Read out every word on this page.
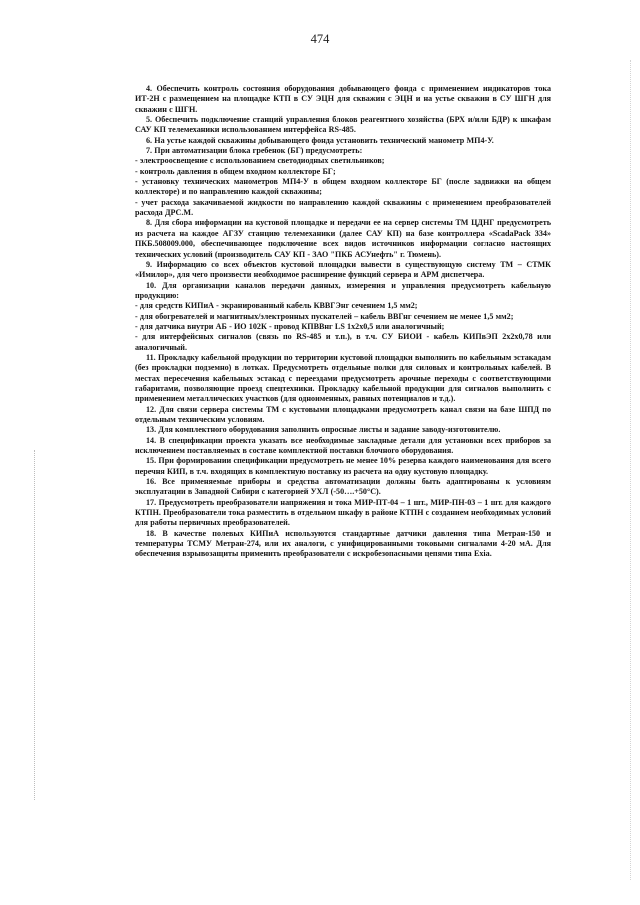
474

4. Обеспечить контроль состояния оборудования добывающего фонда с применением индикаторов тока ИТ-2Н с размещением на площадке КТП в СУ ЭЦН для скважин с ЭЦН и на устье скважин в СУ ШГН для скважин с ШГН.

5. Обеспечить подключение станций управления блоков реагентного хозяйства (БРХ и/или БДР) к шкафам САУ КП телемеханики использованием интерфейса RS-485.

6. На устье каждой скважины добывающего фонда установить технический манометр МП4-У.

7. При автоматизации блока гребенок (БГ) предусмотреть:

- электроосвещение с использованием светодиодных светильников;

- контроль давления в общем входном коллекторе БГ;

- установку технических манометров МП4-У в общем входном коллекторе БГ (после задвижки на общем коллекторе) и по направлению каждой скважины;

- учет расхода закачиваемой жидкости по направлению каждой скважины с применением преобразователей расхода ДРС.М.

8. Для сбора информации на кустовой площадке и передачи ее на сервер системы ТМ ЦДНГ предусмотреть из расчета на каждое АГЗУ станцию телемеханики (далее САУ КП) на базе контроллера «ScadaPack 334» ПКБ.508009.000, обеспечивающее подключение всех видов источников информации согласно настоящих технических условий (производитель САУ КП - ЗАО "ПКБ АСУнефть" г. Тюмень).

9. Информацию со всех объектов кустовой площадки вывести в существующую систему ТМ – СТМК «Имилор», для чего произвести необходимое расширение функций сервера и АРМ диспетчера.

10. Для организации каналов передачи данных, измерения и управления предусмотреть кабельную продукцию:

- для средств КИПиА - экранированный кабель КВВГЭнг сечением 1,5 мм2;

- для обогревателей и магнитных/электронных пускателей – кабель ВВГнг сечением не менее 1,5 мм2;

- для датчика внутри АБ - ИО 102К - провод КПВВнг LS 1х2х0,5 или аналогичный;

- для интерфейсных сигналов (связь по RS-485 и т.п.), в т.ч. СУ БИОИ - кабель КИПвЭП 2х2х0,78 или аналогичный.

11. Прокладку кабельной продукции по территории кустовой площадки выполнить по кабельным эстакадам (без прокладки подземно) в лотках. Предусмотреть отдельные полки для силовых и контрольных кабелей. В местах пересечения кабельных эстакад с переездами предусмотреть арочные переходы с соответствующими габаритами, позволяющие проезд спецтехники. Прокладку кабельной продукции для сигналов выполнить с применением металлических участков (для одноименных, равных потенциалов и т.д.).

12. Для связи сервера системы ТМ с кустовыми площадками предусмотреть канал связи на базе ШПД по отдельным техническим условиям.

13. Для комплектного оборудования заполнить опросные листы и задание заводу-изготовителю.

14. В спецификации проекта указать все необходимые закладные детали для установки всех приборов за исключением поставляемых в составе комплектной поставки блочного оборудования.

15. При формировании спецификации предусмотреть не менее 10% резерва каждого наименования для всего перечня КИП, в т.ч. входящих в комплектную поставку из расчета на одну кустовую площадку.

16. Все применяемые приборы и средства автоматизации должны быть адаптированы к условиям эксплуатации в Западной Сибири с категорией УХЛ (-50….+50°С).

17. Предусмотреть преобразователи напряжения и тока МИР-ПТ-04 – 1 шт., МИР-ПН-03 – 1 шт. для каждого КТПН. Преобразователи тока разместить в отдельном шкафу в районе КТПН с созданием необходимых условий для работы первичных преобразователей.

18. В качестве полевых КИПиА используются стандартные датчики давления типа Метран-150 и температуры ТСМУ Метран-274, или их аналоги, с унифицированными токовыми сигналами 4-20 мА. Для обеспечения взрывозащиты применить преобразователи с искробезопасными цепями типа Exia.
